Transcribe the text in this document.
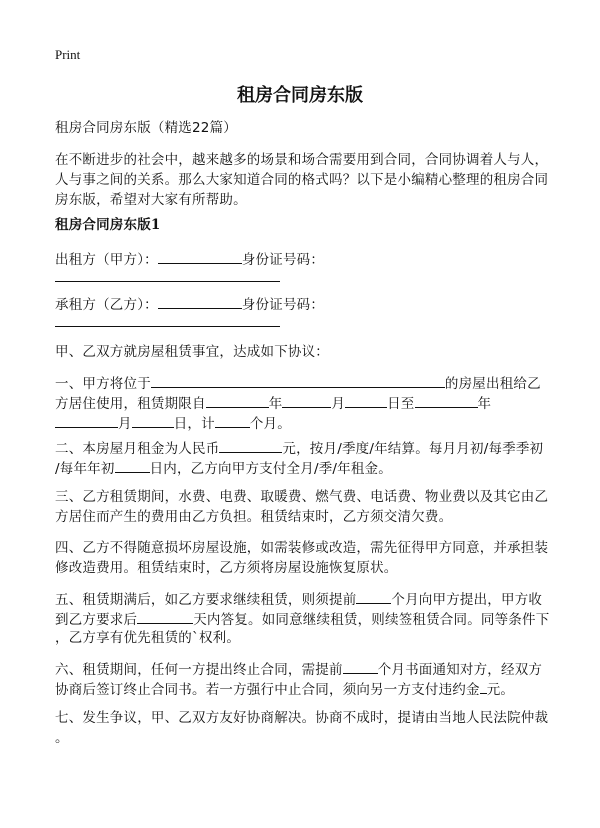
Print
租房合同房东版
租房合同房东版（精选22篇）
在不断进步的社会中，越来越多的场景和场合需要用到合同，合同协调着人与人，
人与事之间的关系。那么大家知道合同的格式吗？以下是小编精心整理的租房合同
房东版，希望对大家有所帮助。
租房合同房东版1
出租方（甲方）：	身份证号码：
承租方（乙方）：	身份证号码：
甲、乙双方就房屋租赁事宜，达成如下协议：
一、甲方将位于	的房屋出租给乙
方居住使用，租赁期限自	年	月	日至	年
月	日，计	个月。
二、本房屋月租金为人民币	元，按月/季度/年结算。每月月初/每季季初
/每年年初	日内，乙方向甲方支付全月/季/年租金。
三、乙方租赁期间，水费、电费、取暖费、燃气费、电话费、物业费以及其它由乙
方居住而产生的费用由乙方负担。租赁结束时，乙方须交清欠费。
四、乙方不得随意损坏房屋设施，如需装修或改造，需先征得甲方同意，并承担装
修改造费用。租赁结束时，乙方须将房屋设施恢复原状。
五、租赁期满后，如乙方要求继续租赁，则须提前	个月向甲方提出，甲方收
到乙方要求后	天内答复。如同意继续租赁，则续签租赁合同。同等条件下
，乙方享有优先租赁的`权利。
六、租赁期间，任何一方提出终止合同，需提前	个月书面通知对方，经双方
协商后签订终止合同书。若一方强行中止合同，须向另一方支付违约金 元。
七、发生争议，甲、乙双方友好协商解决。协商不成时，提请由当地人民法院仲裁
。
